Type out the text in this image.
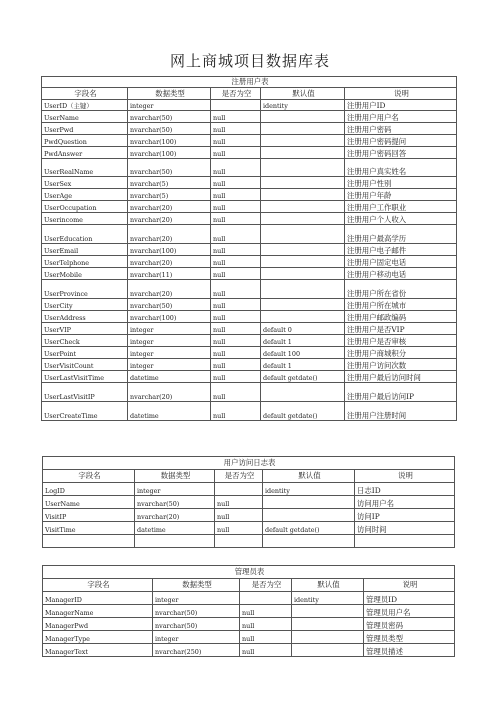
网上商城项目数据库表
注册用户表				
字段名	数据类型	是否为空	默认值	说明
UserID（主键）	integer		identity	注册用户ID
UserName	nvarchar(50)	null		注册用户用户名
UserPwd	nvarchar(50)	null		注册用户密码
PwdQuestion	nvarchar(100)	null		注册用户密码提问
PwdAnswer	nvarchar(100)	null		注册用户密码回答
UserRealName	nvarchar(50)	null		注册用户真实姓名
UserSex	nvarchar(5)	null		注册用户性别
UserAge	nvarchar(5)	null		注册用户年龄
UserOccupation	nvarchar(20)	null		注册用户工作职业
Userincome	nvarchar(20)	null		注册用户个人收入
UserEducation	nvarchar(20)	null		注册用户最高学历
UserEmail	nvarchar(100)	null		注册用户电子邮件
UserTelphone	nvarchar(20)	null		注册用户固定电话
UserMobile	nvarchar(11)	null		注册用户移动电话
UserProvince	nvarchar(20)	null		注册用户所在省份
UserCity	nvarchar(50)	null		注册用户所在城市
UserAddress	nvarchar(100)	null		注册用户邮政编码
UserVIP	integer	null	default 0	注册用户是否VIP
UserCheck	integer	null	default 1	注册用户是否审核
UserPoint	integer	null	default 100	注册用户商城积分
UserVisitCount	integer	null	default 1	注册用户访问次数
UserLastVisitTime	datetime	null	default getdate()	注册用户最后访问时间
UserLastVisitIP	nvarchar(20)	null		注册用户最后访问IP
UserCreateTime	datetime	null	default getdate()	注册用户注册时间
用户访问日志表				
字段名	数据类型	是否为空	默认值	说明
LogID	integer		identity	日志ID
UserName	nvarchar(50)	null		访问用户名
VisitIP	nvarchar(20)	null		访问IP
VisitTime	datetime	null	default getdate()	访问时间

管理员表				
字段名	数据类型	是否为空	默认值	说明
ManagerID	integer		identity	管理员ID
ManagerName	nvarchar(50)	null		管理员用户名
ManagerPwd	nvarchar(50)	null		管理员密码
ManagerType	integer	null		管理员类型
ManagerText	nvarchar(250)	null		管理员描述
